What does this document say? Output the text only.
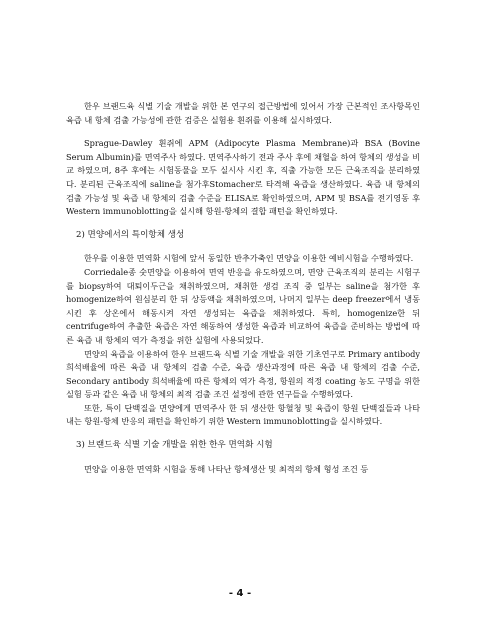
한우 브랜드육 식별 기술 개발을 위한 본 연구의 접근방법에 있어서 가장 근본적인 조사항목인 육즙 내 항체 검출 가능성에 관한 검증은 실험용 흰쥐를 이용해 실시하였다.

Sprague-Dawley 흰쥐에 APM (Adipocyte Plasma Membrane)과 BSA (Bovine Serum Albumin)를 면역주사 하였다. 면역주사하기 전과 주사 후에 채혈을 하여 항체의 생성을 비교 하였으며, 8주 후에는 시험동물을 모두 실시사 시킨 후, 직출 가능한 모든 근육조직을 분리하였다. 분리된 근육조직에 saline을 첨가후Stomacher로 타격해 육즙을 생산하였다. 육즙 내 항체의 검출 가능성 및 육즙 내 항체의 검출 수준을 ELISA로 확인하였으며, APM 및 BSA를 전기영동 후 Western immunoblotting을 실시해 항원-항체의 결합 패턴을 확인하였다.

2) 면양에서의 특이항체 생성

한우를 이용한 면역화 시험에 앞서 동일한 반추가축인 면양을 이용한 예비시험을 수행하였다.

Corriedale종 숫면양을 이용하여 면역 반응을 유도하였으며, 면양 근육조직의 분리는 시험구를 biopsy하여 대퇴이두근을 채취하였으며, 채취한 생검 조직 중 일부는 saline을 첨가한 후 homogenize하여 원심분리 한 뒤 상등액을 채취하였으며, 나머지 일부는 deep freezer에서 냉동시킨 후 상온에서 해동시켜 자연 생성되는 육즙을 채취하였다. 특히, homogenize한 뒤 centrifuge하여 추출한 육즙은 자연 해동하여 생성한 육즙과 비교하여 육즙을 준비하는 방법에 따른 육즙 내 항체의 역가 측정을 위한 실험에 사용되었다.

면양의 육즙을 이용하여 한우 브랜드육 식별 기술 개발을 위한 기초연구로 Primary antibody 희석배율에 따른 육즙 내 항체의 검출 수준, 육즙 생산과정에 따른 육즙 내 항체의 검출 수준, Secondary antibody 희석배율에 따른 항체의 역가 측정, 항원의 적정 coating 농도 구명을 위한 실험 등과 같은 육즙 내 항체의 최적 검출 조건 설정에 관한 연구들을 수행하였다.

또한, 특이 단백질을 면양에게 면역주사 한 뒤 생산한 항혈청 및 육즙이 항원 단백질들과 나타내는 항원-항체 반응의 패턴을 확인하기 위한 Western immunoblotting을 실시하였다.

3) 브랜드육 식별 기술 개발을 위한 한우 면역화 시험

면양을 이용한 면역화 시험을 통해 나타난 항체생산 및 최적의 항체 형성 조건 등

- 4 -
